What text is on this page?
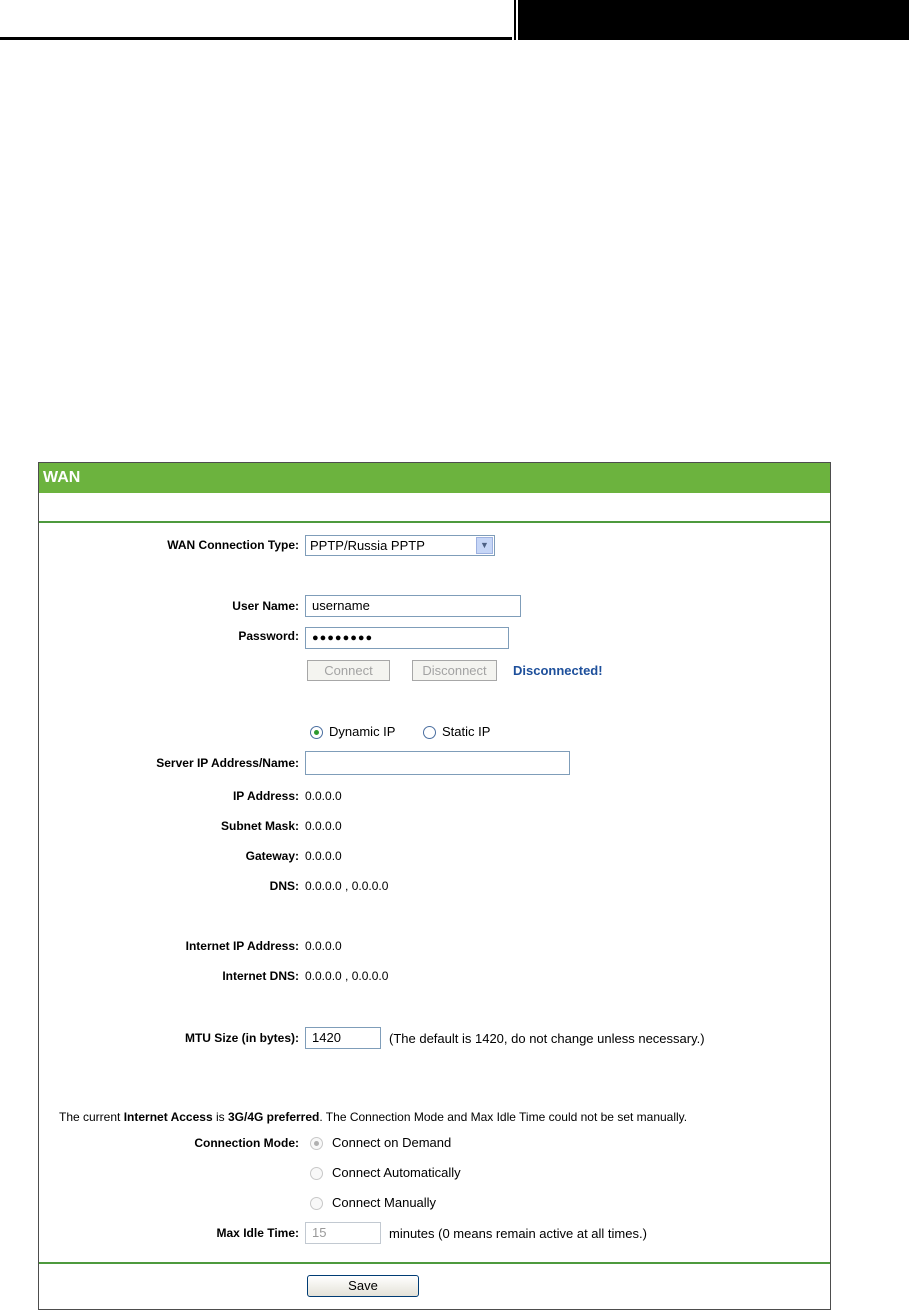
WAN
WAN Connection Type: PPTP/Russia PPTP	▼
User Name:	username
Password:	●●●●●●●●
Connect	Disconnect	Disconnected!
Dynamic IP	Static IP
Server IP Address/Name:
IP Address: 0.0.0.0
Subnet Mask: 0.0.0.0
Gateway: 0.0.0.0
DNS: 0.0.0.0 , 0.0.0.0
Internet IP Address: 0.0.0.0
Internet DNS: 0.0.0.0 , 0.0.0.0
MTU Size (in bytes):	1420	(The default is 1420, do not change unless necessary.)
The current Internet Access is 3G/4G preferred. The Connection Mode and Max Idle Time could not be set manually.
Connection Mode:	Connect on Demand
Connect Automatically
Connect Manually
Max Idle Time:	15	minutes (0 means remain active at all times.)
Save
